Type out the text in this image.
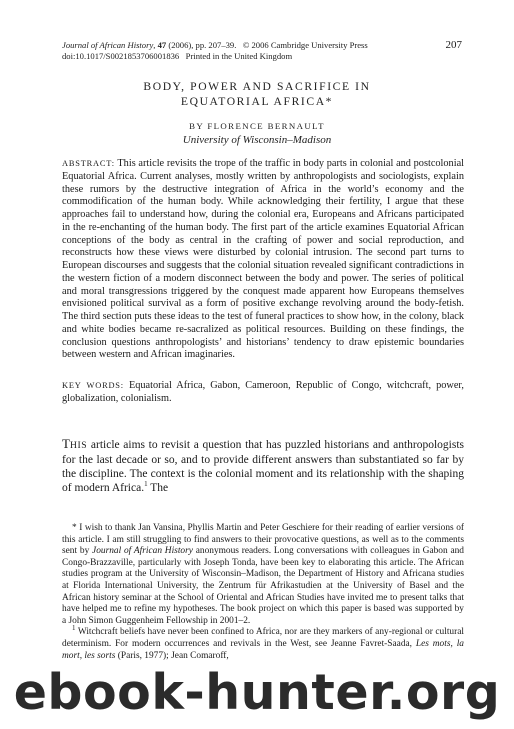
Journal of African History, 47 (2006), pp. 207–39. © 2006 Cambridge University Press
doi:10.1017/S0021853706001836 Printed in the United Kingdom
207
BODY, POWER AND SACRIFICE IN
EQUATORIAL AFRICA*
BY FLORENCE BERNAULT
University of Wisconsin–Madison
ABSTRACT: This article revisits the trope of the traffic in body parts in colonial and postcolonial Equatorial Africa. Current analyses, mostly written by anthropologists and sociologists, explain these rumors by the destructive integration of Africa in the world’s economy and the commodification of the human body. While acknowledging their fertility, I argue that these approaches fail to understand how, during the colonial era, Europeans and Africans participated in the re-enchanting of the human body. The first part of the article examines Equatorial African conceptions of the body as central in the crafting of power and social reproduction, and reconstructs how these views were disturbed by colonial intrusion. The second part turns to European discourses and suggests that the colonial situation revealed significant contradictions in the western fiction of a modern disconnect between the body and power. The series of political and moral transgressions triggered by the conquest made apparent how Europeans themselves envisioned political survival as a form of positive exchange revolving around the body-fetish. The third section puts these ideas to the test of funeral practices to show how, in the colony, black and white bodies became re-sacralized as political resources. Building on these findings, the conclusion questions anthropologists’ and historians’ tendency to draw epistemic boundaries between western and African imaginaries.
KEY WORDS: Equatorial Africa, Gabon, Cameroon, Republic of Congo, witchcraft, power, globalization, colonialism.
THIS article aims to revisit a question that has puzzled historians and anthropologists for the last decade or so, and to provide different answers than substantiated so far by the discipline. The context is the colonial moment and its relationship with the shaping of modern Africa.$^1$ The

* I wish to thank Jan Vansina, Phyllis Martin and Peter Geschiere for their reading of earlier versions of this article. I am still struggling to find answers to their provocative questions, as well as to the comments sent by Journal of African History anonymous readers. Long conversations with colleagues in Gabon and Congo-Brazzaville, particularly with Joseph Tonda, have been key to elaborating this article. The African studies program at the University of Wisconsin–Madison, the Department of History and Africana studies at Florida International University, the Zentrum für Afrikastudien at the University of Basel and the African history seminar at the School of Oriental and African Studies have invited me to present talks that have helped me to refine my hypotheses. The book project on which this paper is based was supported by a John Simon Guggenheim Fellowship in 2001–2.

$^1$ Witchcraft beliefs have never been confined to Africa, nor are they markers of any-regional or cultural determinism. For modern occurrences and revivals in the West, see Jeanne Favret-Saada, Les mots, la mort, les sorts (Paris, 1977); Jean Comaroff,

ebook-hunter.org
